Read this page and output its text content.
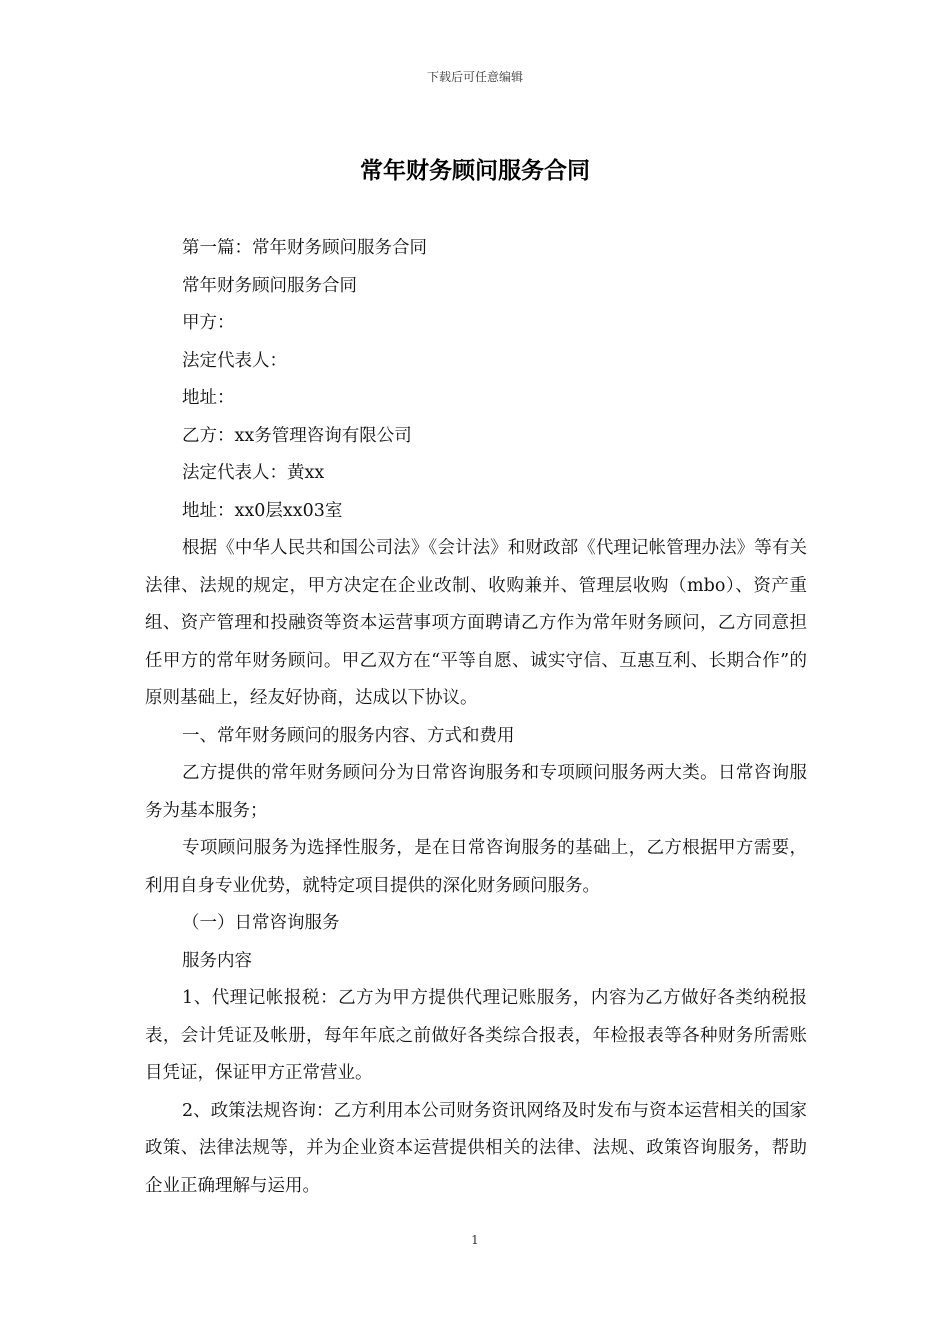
下载后可任意编辑
常年财务顾问服务合同

第一篇：常年财务顾问服务合同

常年财务顾问服务合同

甲方：

法定代表人：

地址：

乙方：xx务管理咨询有限公司

法定代表人：黄xx

地址：xx0层xx03室

根据《中华人民共和国公司法》《会计法》和财政部《代理记帐管理办法》等有关法律、法规的规定，甲方决定在企业改制、收购兼并、管理层收购（mbo）、资产重组、资产管理和投融资等资本运营事项方面聘请乙方作为常年财务顾问，乙方同意担任甲方的常年财务顾问。甲乙双方在“平等自愿、诚实守信、互惠互利、长期合作”的原则基础上，经友好协商，达成以下协议。

一、常年财务顾问的服务内容、方式和费用

乙方提供的常年财务顾问分为日常咨询服务和专项顾问服务两大类。日常咨询服务为基本服务；

专项顾问服务为选择性服务，是在日常咨询服务的基础上，乙方根据甲方需要，利用自身专业优势，就特定项目提供的深化财务顾问服务。

（一）日常咨询服务

服务内容

1、代理记帐报税：乙方为甲方提供代理记账服务，内容为乙方做好各类纳税报表，会计凭证及帐册，每年年底之前做好各类综合报表，年检报表等各种财务所需账目凭证，保证甲方正常营业。

2、政策法规咨询：乙方利用本公司财务资讯网络及时发布与资本运营相关的国家政策、法律法规等，并为企业资本运营提供相关的法律、法规、政策咨询服务，帮助企业正确理解与运用。

1
